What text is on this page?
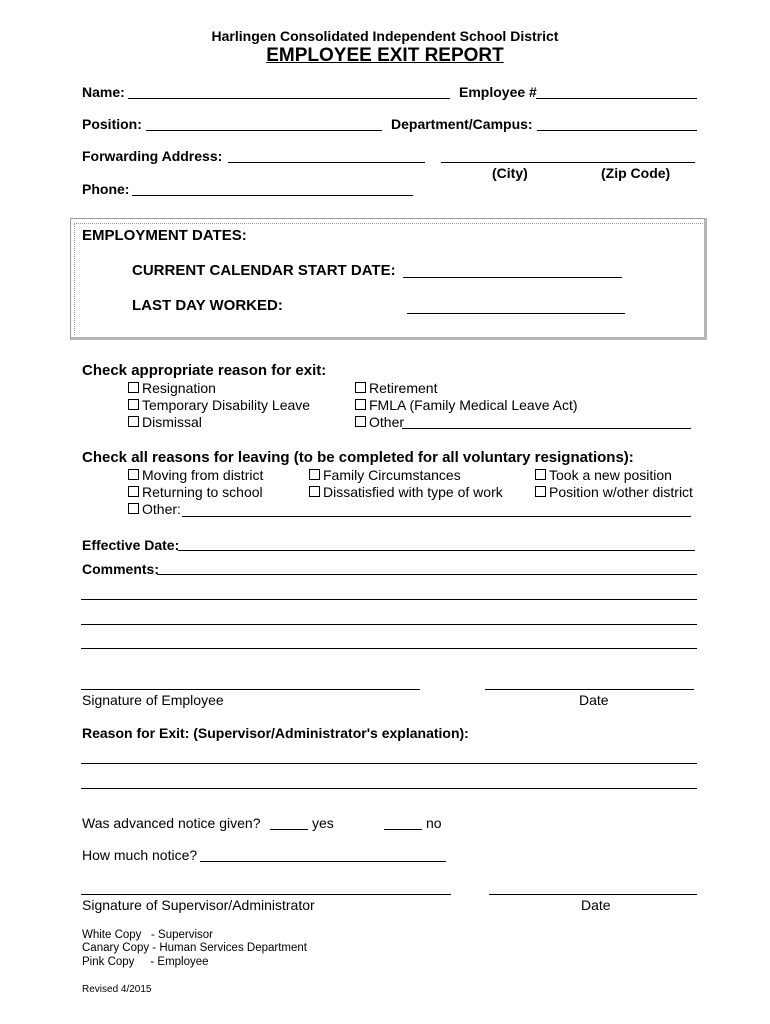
Harlingen Consolidated Independent School District
EMPLOYEE EXIT REPORT
Name:	Employee #
Position:	Department/Campus:
Forwarding Address:
(City)	(Zip Code)
Phone:
EMPLOYMENT DATES:
CURRENT CALENDAR START DATE:
LAST DAY WORKED:
Check appropriate reason for exit:
Resignation
Temporary Disability Leave
Dismissal
Retirement
FMLA (Family Medical Leave Act)
Other
Check all reasons for leaving (to be completed for all voluntary resignations):
Moving from district
Returning to school
Other:
Family Circumstances
Dissatisfied with type of work
Took a new position
Position w/other district
Effective Date:
Comments:
Signature of Employee	Date
Reason for Exit: (Supervisor/Administrator's explanation):
Was advanced notice given?	yes	no
How much notice?
Signature of Supervisor/Administrator	Date
White Copy   - Supervisor
Canary Copy - Human Services Department
Pink Copy     - Employee
Revised 4/2015
